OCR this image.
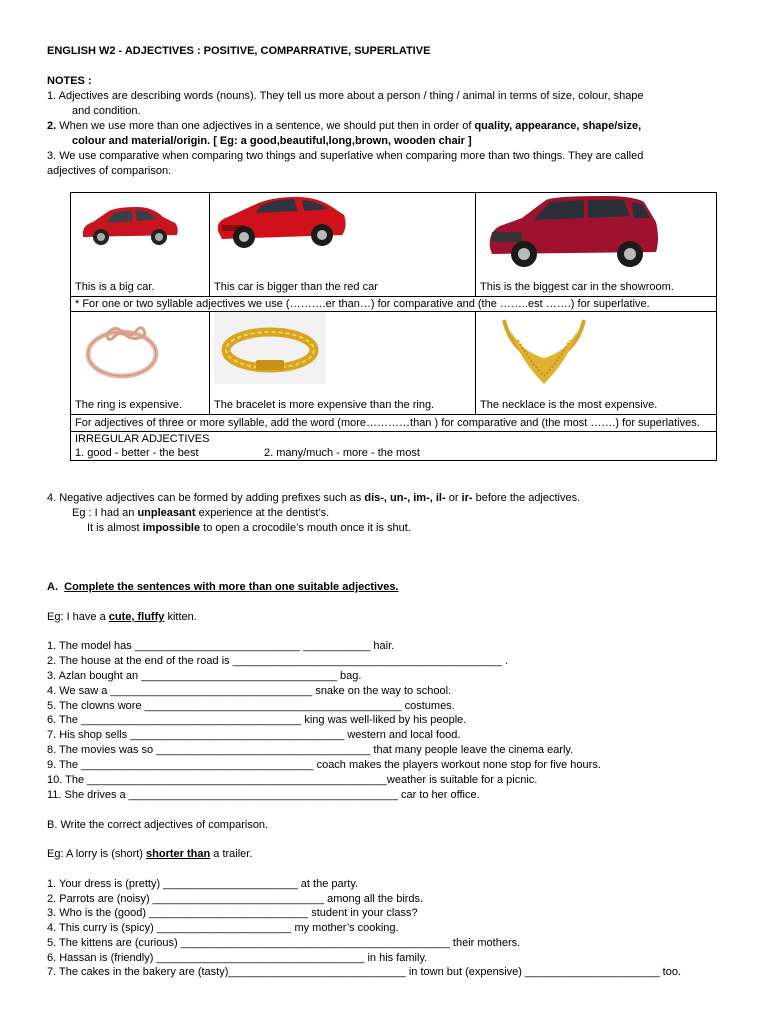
ENGLISH W2 - ADJECTIVES : POSITIVE, COMPARRATIVE, SUPERLATIVE
NOTES :
1. Adjectives are describing words (nouns). They tell us more about a person / thing / animal in terms of size, colour, shape
and condition.
2. When we use more than one adjectives in a sentence, we should put then in order of quality, appearance, shape/size,
colour and material/origin. [ Eg: a good,beautiful,long,brown, wooden chair ]
3. We use comparative when comparing two things and superlative when comparing more than two things. They are called
adjectives of comparison.
This is a big car.	This car is bigger than the red car	This is the biggest car in the showroom.

* For one or two syllable adjectives we use (……….er than…) for comparative and (the ……..est …….) for superlative.		

The ring is expensive.	The bracelet is more expensive than the ring.	The necklace is the most expensive.

For adjectives of three or more syllable, add the word (more…………than ) for comparative and (the most …….) for superlatives.		

IRREGULAR ADJECTIVES
1. good - better - the best 2. many/much - more - the most		
4. Negative adjectives can be formed by adding prefixes such as dis-, un-, im-, il- or ir- before the adjectives.
Eg : I had an unpleasant experience at the dentist’s.
It is almost impossible to open a crocodile’s mouth once it is shut.
A. Complete the sentences with more than one suitable adjectives.
Eg: I have a cute, fluffy kitten.
1. The model has ___________________________ ___________ hair.
2. The house at the end of the road is ____________________________________________ .
3. Azlan bought an ________________________________ bag.
4. We saw a _________________________________ snake on the way to school.
5. The clowns wore __________________________________________ costumes.
6. The ____________________________________ king was well-liked by his people.
7. His shop sells ___________________________________ western and local food.
8. The movies was so ___________________________________ that many people leave the cinema early.
9. The ______________________________________ coach makes the players workout none stop for five hours.
10. The _________________________________________________weather is suitable for a picnic.
11. She drives a ____________________________________________ car to her office.
B. Write the correct adjectives of comparison.
Eg: A lorry is (short) shorter than a trailer.
1. Your dress is (pretty) ______________________ at the party.
2. Parrots are (noisy) ____________________________ among all the birds.
3. Who is the (good) __________________________ student in your class?
4. This curry is (spicy) ______________________ my mother’s cooking.
5. The kittens are (curious) ____________________________________________ their mothers.
6. Hassan is (friendly) __________________________________ in his family.
7. The cakes in the bakery are (tasty)_____________________________ in town but (expensive) ______________________ too.
